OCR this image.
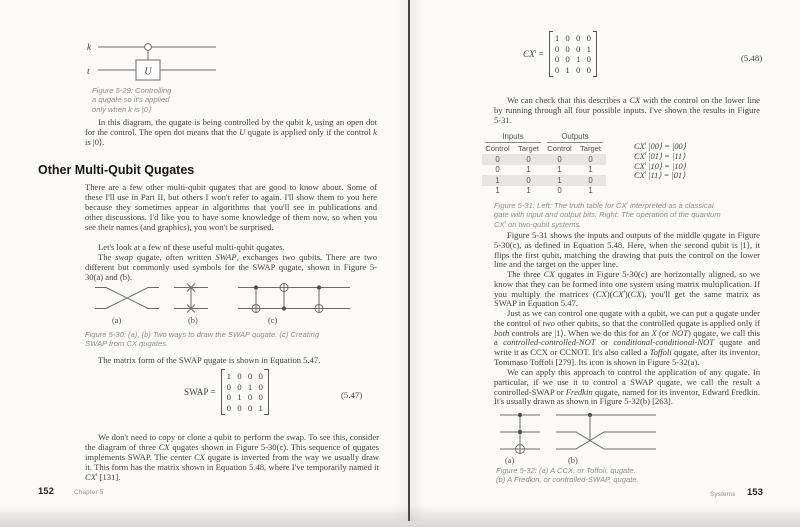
k
t	U
Figure 5-29: Controlling
a qugate so it's applied
only when k is |0⟩
In this diagram, the qugate is being controlled by the qubit k, using an open dot for the control. The open dot means that the U qugate is applied only if the control k is |0⟩.
Other Multi-Qubit Qugates
There are a few other multi-qubit qugates that are good to know about. Some of these I'll use in Part II, but others I won't refer to again. I'll show them to you here because they sometimes appear in algorithms that you'll see in publications and other discussions. I'd like you to have some knowledge of them now, so when you see their names (and graphics), you won't be surprised.
Let's look at a few of these useful multi-qubit qugates.
The swap qugate, often written SWAP, exchanges two qubits. There are two different but commonly used symbols for the SWAP qugate, shown in Figure 5-30(a) and (b).
(a)	(b)	(c)
Figure 5-30: (a), (b) Two ways to draw the SWAP qugate. (c) Creating
SWAP from CX qugates.
The matrix form of the SWAP qugate is shown in Equation 5.47.
SWAP =
1 0 0 0
0 0 1 0
0 1 0 0
0 0 0 1
(5.47)
We don't need to copy or clone a qubit to perform the swap. To see this, consider the diagram of three CX qugates shown in Figure 5-30(c). This sequence of qugates implements SWAP. The center CX qugate is inverted from the way we usually draw it. This form has the matrix shown in Equation 5.48, where I've temporarily named it $CX^t$ [131].
152	Chapter 5
$CX^t$ =
1 0 0 0
0 0 0 1
0 0 1 0
0 1 0 0
(5.48)
We can check that this describes a CX with the control on the lower line by running through all four possible inputs. I've shown the results in Figure 5-31.
Inputs		Outputs	

Control	Target	Control	Target
0	0	0	0
0	1	1	1
1	0	1	0
1	1	0	1
$CX^t$ |00⟩ = |00⟩
$CX^t$ |01⟩ = |11⟩
$CX^t$ |10⟩ = |10⟩
$CX^t$ |11⟩ = |01⟩
Figure 5-31: Left: The truth table for $CX^t$ interpreted as a classical
gate with input and output bits. Right: The operation of the quantum
$CX^t$ on two-qubit systems.
Figure 5-31 shows the inputs and outputs of the middle qugate in Figure 5-30(c), as defined in Equation 5.48. Here, when the second qubit is |1⟩, it flips the first qubit, matching the drawing that puts the control on the lower line and the target on the upper line.
The three CX qugates in Figure 5-30(c) are horizontally aligned, so we know that they can be formed into one system using matrix multiplication. If you multiply the matrices $(CX)(CX^t)(CX)$, you'll get the same matrix as SWAP in Equation 5.47.
Just as we can control one qugate with a qubit, we can put a qugate under the control of two other qubits, so that the controlled qugate is applied only if both controls are |1⟩. When we do this for an X (or NOT) qugate, we call this a controlled-controlled-NOT or conditional-conditional-NOT qugate and write it as CCX or CCNOT. It's also called a Toffoli qugate, after its inventor, Tommaso Toffoli [279]. Its icon is shown in Figure 5-32(a).
We can apply this approach to control the application of any qugate. In particular, if we use it to control a SWAP qugate, we call the result a controlled-SWAP or Fredkin qugate, named for its inventor, Edward Fredkin. It's usually drawn as shown in Figure 5-32(b) [263].
(a)	(b)
Figure 5-32: (a) A CCX, or Toffoli, qugate.
(b) A Fredkin, or controlled-SWAP, qugate.
Systems 153
